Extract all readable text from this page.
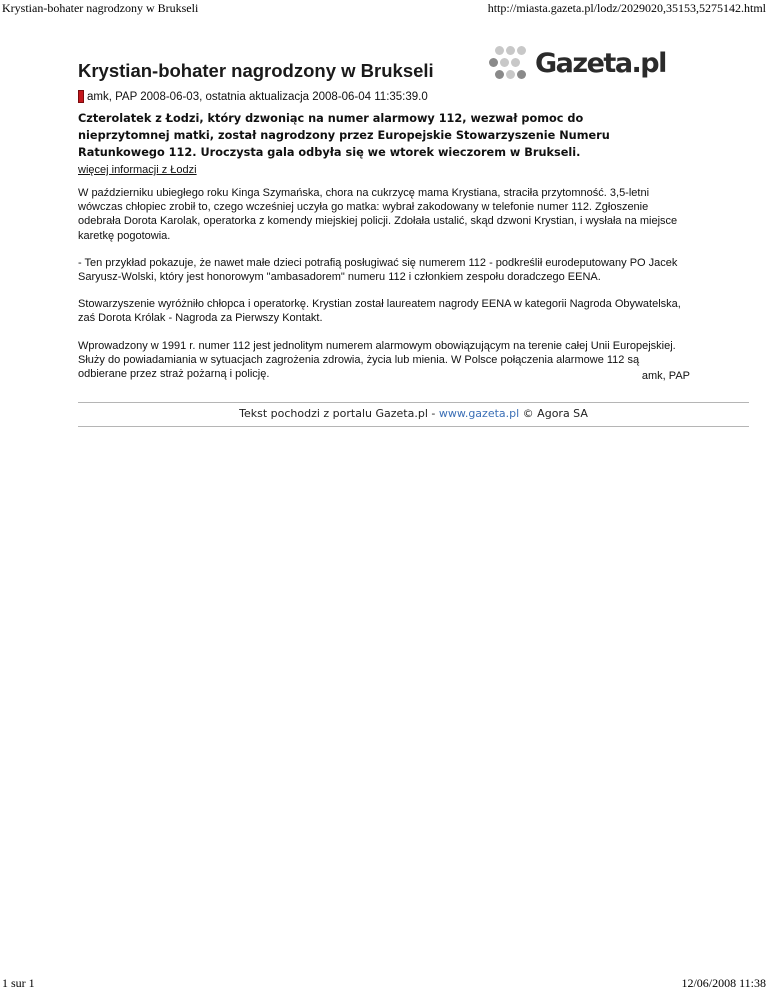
Krystian-bohater nagrodzony w Brukseli	http://miasta.gazeta.pl/lodz/2029020,35153,5275142.html
Gazeta.pl
Krystian-bohater nagrodzony w Brukseli
amk, PAP 2008-06-03, ostatnia aktualizacja 2008-06-04 11:35:39.0

Czterolatek z Łodzi, który dzwoniąc na numer alarmowy 112, wezwał pomoc do nieprzytomnej matki, został nagrodzony przez Europejskie Stowarzyszenie Numeru Ratunkowego 112. Uroczysta gala odbyła się we wtorek wieczorem w Brukseli.

więcej informacji z Łodzi

W październiku ubiegłego roku Kinga Szymańska, chora na cukrzycę mama Krystiana, straciła przytomność. 3,5-letni wówczas chłopiec zrobił to, czego wcześniej uczyła go matka: wybrał zakodowany w telefonie numer 112. Zgłoszenie odebrała Dorota Karolak, operatorka z komendy miejskiej policji. Zdołała ustalić, skąd dzwoni Krystian, i wysłała na miejsce karetkę pogotowia.

- Ten przykład pokazuje, że nawet małe dzieci potrafią posługiwać się numerem 112 - podkreślił eurodeputowany PO Jacek Saryusz-Wolski, który jest honorowym "ambasadorem" numeru 112 i członkiem zespołu doradczego EENA.

Stowarzyszenie wyróżniło chłopca i operatorkę. Krystian został laureatem nagrody EENA w kategorii Nagroda Obywatelska, zaś Dorota Królak - Nagroda za Pierwszy Kontakt.

Wprowadzony w 1991 r. numer 112 jest jednolitym numerem alarmowym obowiązującym na terenie całej Unii Europejskiej. Służy do powiadamiania w sytuacjach zagrożenia zdrowia, życia lub mienia. W Polsce połączenia alarmowe 112 są odbierane przez straż pożarną i policję.	amk, PAP
Tekst pochodzi z portalu Gazeta.pl - www.gazeta.pl © Agora SA
1 sur 1	12/06/2008 11:38
